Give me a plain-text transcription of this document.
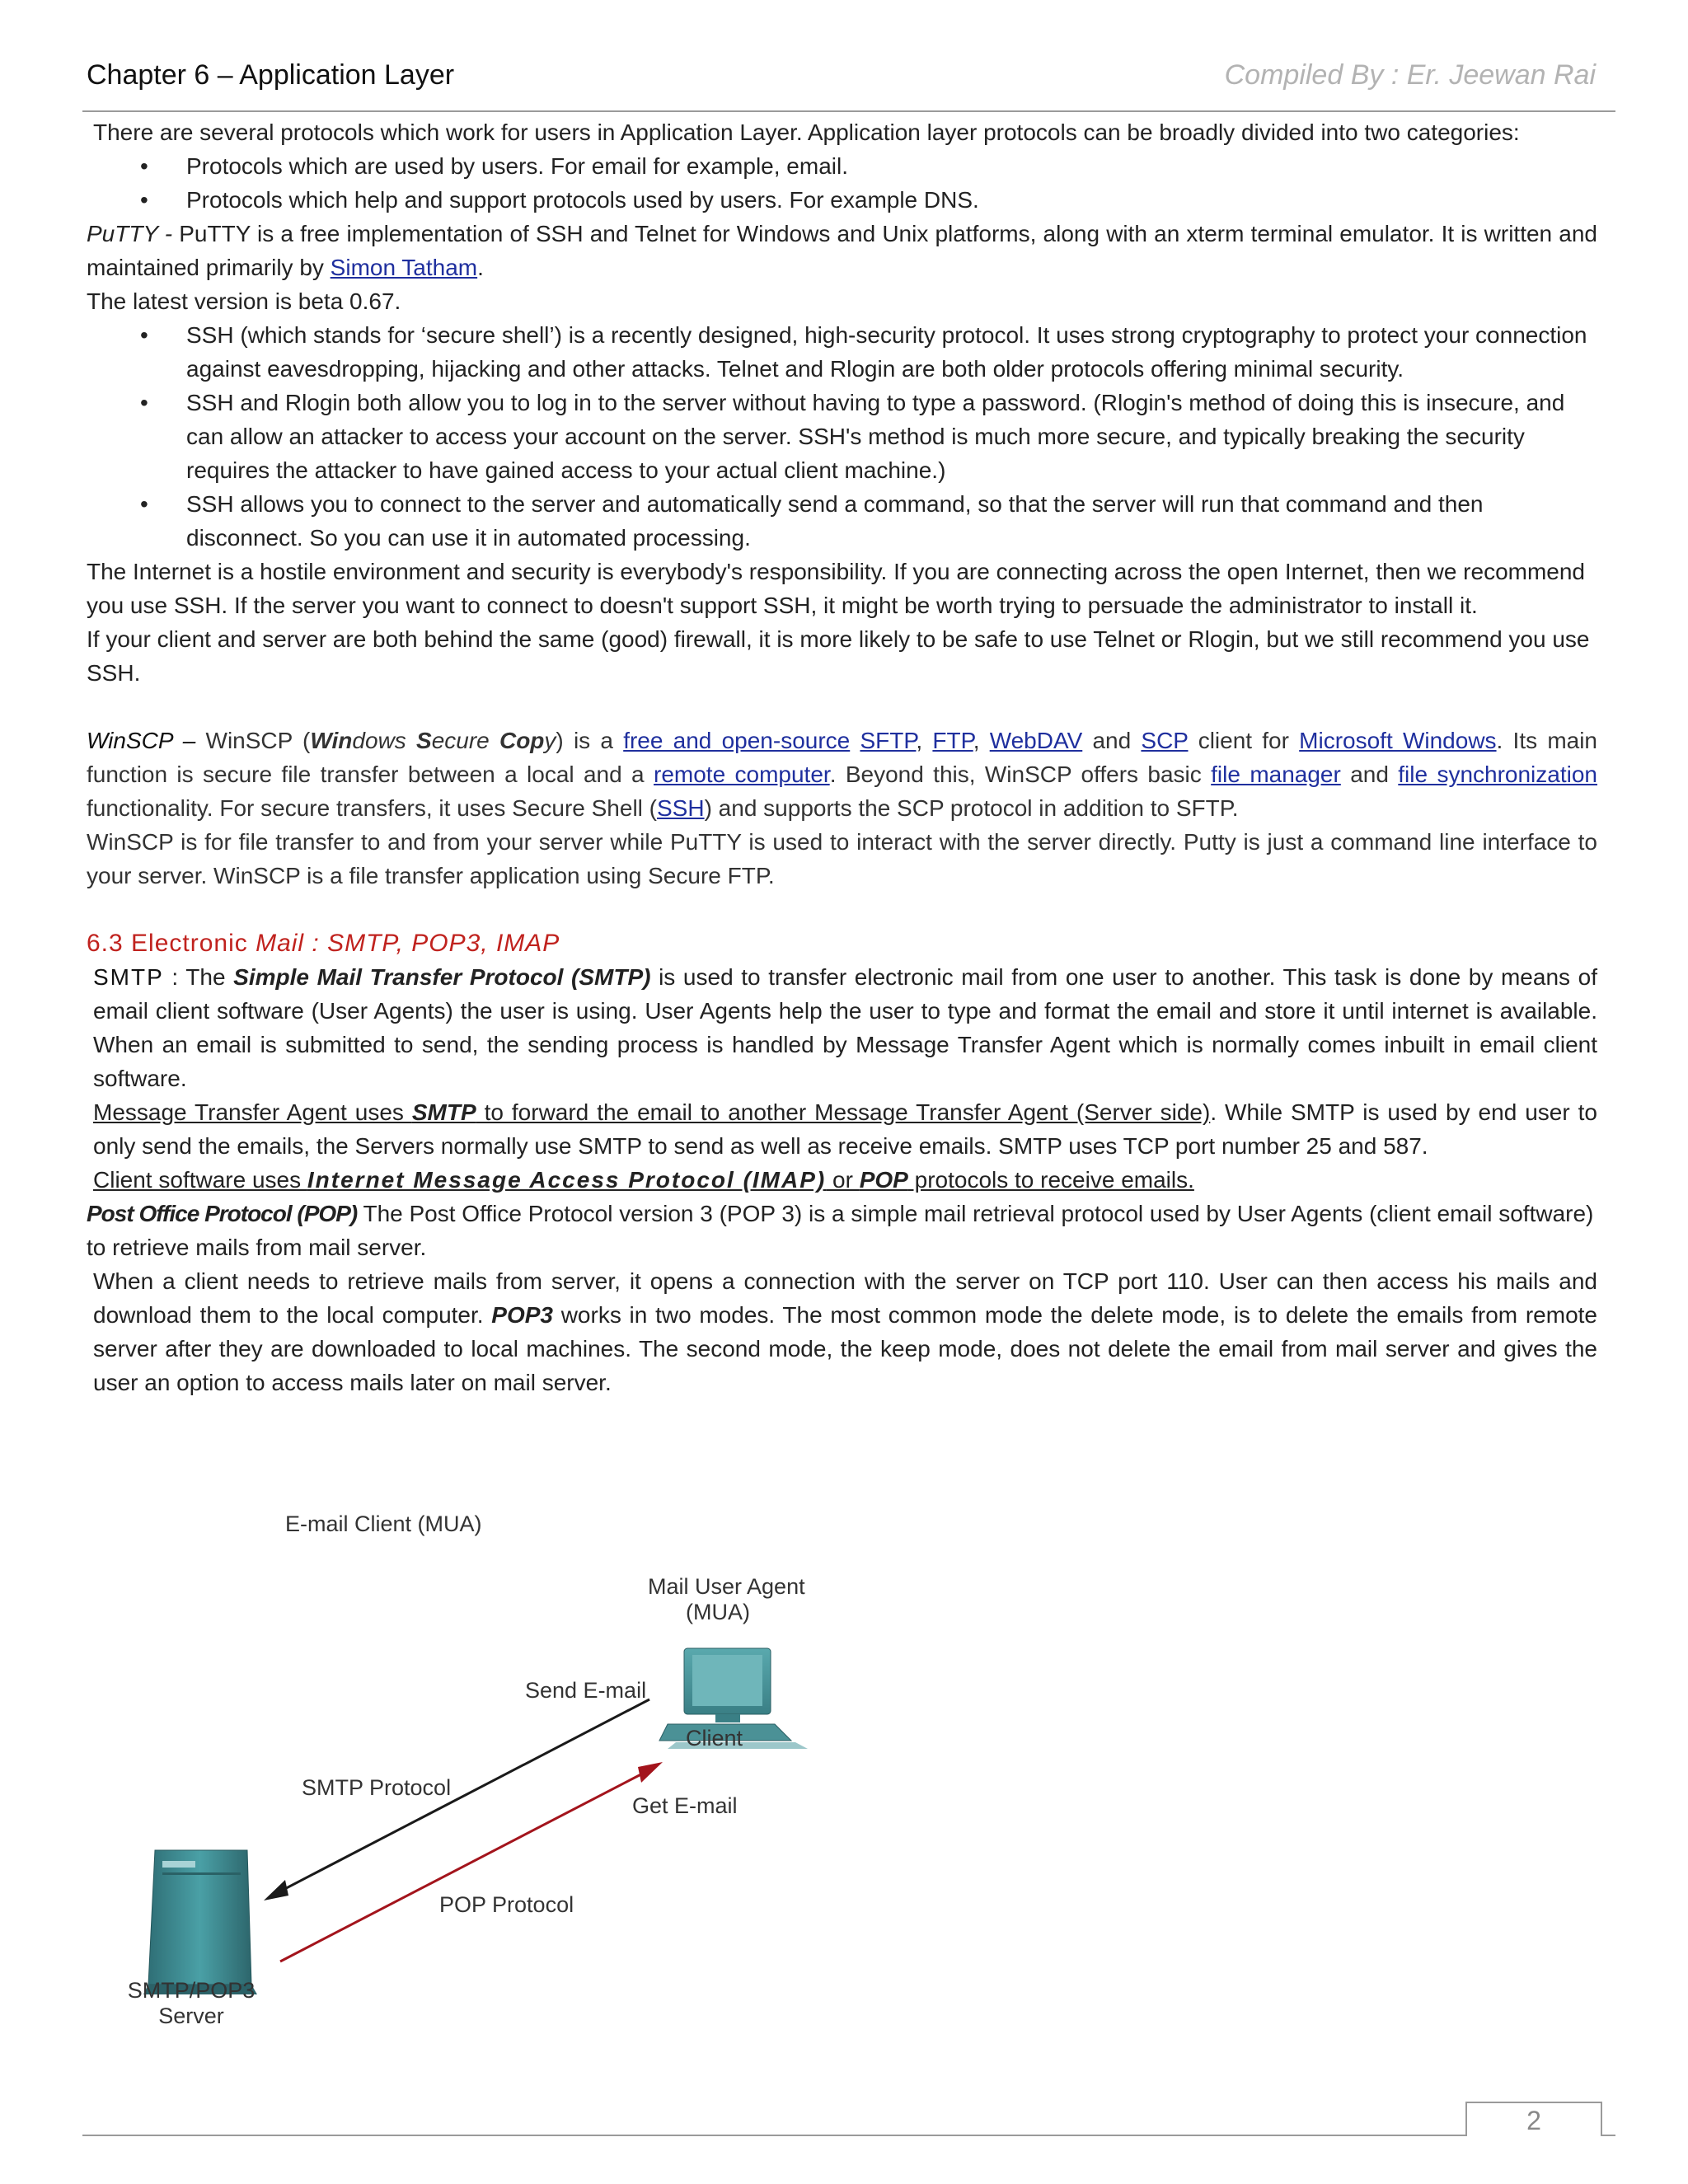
Chapter 6 – Application Layer	Compiled By : Er. Jeewan Rai

There are several protocols which work for users in Application Layer. Application layer protocols can be broadly divided into two categories:

• Protocols which are used by users. For email for example, email.
• Protocols which help and support protocols used by users. For example DNS.

PuTTY - PuTTY is a free implementation of SSH and Telnet for Windows and Unix platforms, along with an xterm terminal emulator. It is written and maintained primarily by Simon Tatham.

The latest version is beta 0.67.

• SSH (which stands for ‘secure shell’) is a recently designed, high-security protocol. It uses strong cryptography to protect your connection against eavesdropping, hijacking and other attacks. Telnet and Rlogin are both older protocols offering minimal security.
• SSH and Rlogin both allow you to log in to the server without having to type a password. (Rlogin's method of doing this is insecure, and can allow an attacker to access your account on the server. SSH's method is much more secure, and typically breaking the security requires the attacker to have gained access to your actual client machine.)
• SSH allows you to connect to the server and automatically send a command, so that the server will run that command and then disconnect. So you can use it in automated processing.

The Internet is a hostile environment and security is everybody's responsibility. If you are connecting across the open Internet, then we recommend you use SSH. If the server you want to connect to doesn't support SSH, it might be worth trying to persuade the administrator to install it.

If your client and server are both behind the same (good) firewall, it is more likely to be safe to use Telnet or Rlogin, but we still recommend you use SSH.

WinSCP – WinSCP (Windows Secure Copy) is a free and open-source SFTP, FTP, WebDAV and SCP client for Microsoft Windows. Its main function is secure file transfer between a local and a remote computer. Beyond this, WinSCP offers basic file manager and file synchronization functionality. For secure transfers, it uses Secure Shell (SSH) and supports the SCP protocol in addition to SFTP.

WinSCP is for file transfer to and from your server while PuTTY is used to interact with the server directly. Putty is just a command line interface to your server. WinSCP is a file transfer application using Secure FTP.

6.3 Electronic Mail : SMTP, POP3, IMAP

SMTP : The Simple Mail Transfer Protocol (SMTP) is used to transfer electronic mail from one user to another. This task is done by means of email client software (User Agents) the user is using. User Agents help the user to type and format the email and store it until internet is available. When an email is submitted to send, the sending process is handled by Message Transfer Agent which is normally comes inbuilt in email client software.

Message Transfer Agent uses SMTP to forward the email to another Message Transfer Agent (Server side). While SMTP is used by end user to only send the emails, the Servers normally use SMTP to send as well as receive emails. SMTP uses TCP port number 25 and 587.

Client software uses Internet Message Access Protocol (IMAP) or POP protocols to receive emails.

Post Office Protocol (POP) The Post Office Protocol version 3 (POP 3) is a simple mail retrieval protocol used by User Agents (client email software) to retrieve mails from mail server.

When a client needs to retrieve mails from server, it opens a connection with the server on TCP port 110. User can then access his mails and download them to the local computer. POP3 works in two modes. The most common mode the delete mode, is to delete the emails from remote server after they are downloaded to local machines. The second mode, the keep mode, does not delete the email from mail server and gives the user an option to access mails later on mail server.

E-mail Client (MUA)
Mail User Agent
(MUA)
Send E-mail
Client
SMTP Protocol
Get E-mail
POP Protocol
SMTP/POP3
Server
2
